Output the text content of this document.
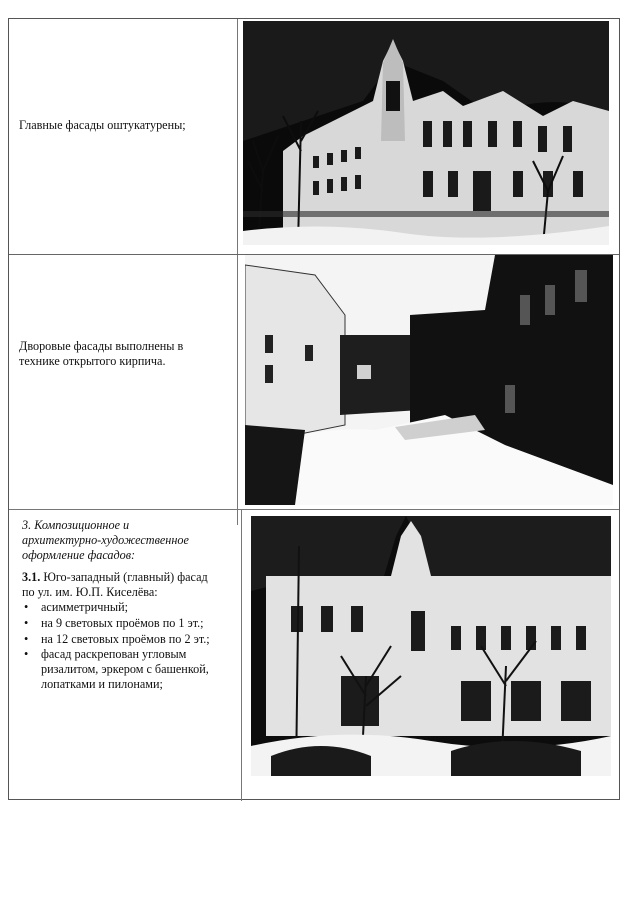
Главные фасады оштукатурены;
Дворовые фасады выполнены в
технике открытого кирпича.
3. Композиционное и
архитектурно-художественное
оформление фасадов:
3.1. Юго-западный (главный) фасад
по ул. им. Ю.П. Киселёва:
• асимметричный;
• на 9 световых проёмов по 1 эт.;
• на 12 световых проёмов по 2 эт.;
• фасад раскрепован угловым
ризалитом, эркером с башенкой,
лопатками и пилонами;
